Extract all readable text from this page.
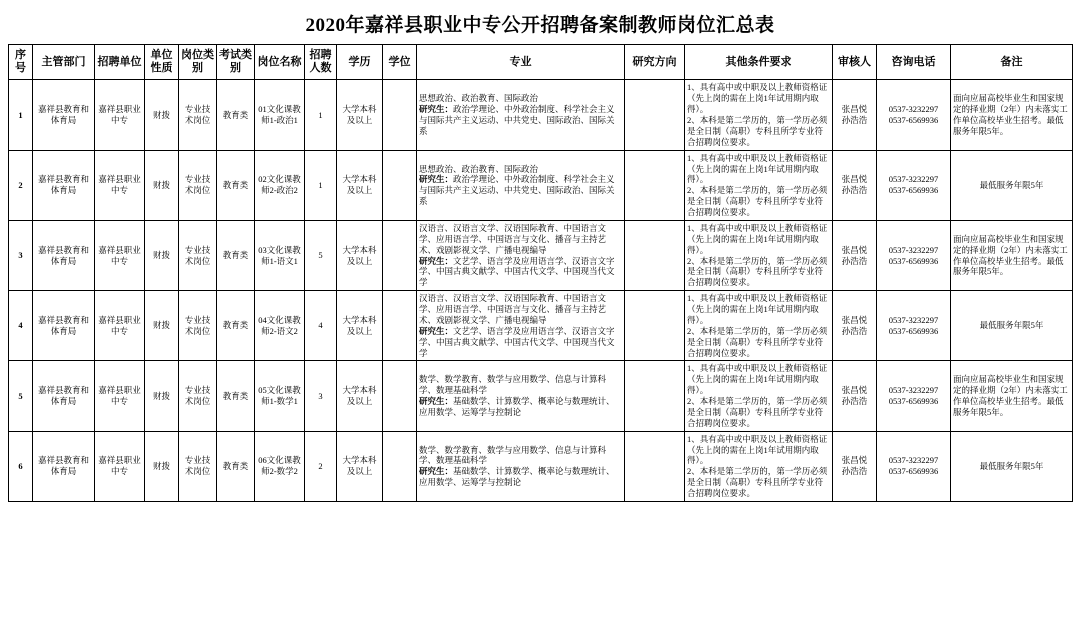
2020年嘉祥县职业中专公开招聘备案制教师岗位汇总表
序号	主管部门	招聘单位	单位性质	岗位类别	考试类别	岗位名称	招聘人数	学历	学位	专业	研究方向	其他条件要求	审核人	咨询电话	备注
1	嘉祥县教育和体育局	嘉祥县职业中专	财拨	专业技术岗位	教育类	01文化课教师1-政治1	1	大学本科及以上		思想政治、政治教育、国际政治
研究生：政治学理论、中外政治制度、科学社会主义与国际共产主义运动、中共党史、国际政治、国际关系		1、具有高中或中职及以上教师资格证（先上岗的需在上岗1年试用期内取得）。
2、本科是第二学历的，第一学历必须是全日制（高职）专科且所学专业符合招聘岗位要求。	张昌悦
孙浩浩	0537-3232297
0537-6569936	面向应届高校毕业生和国家规定的择业期（2年）内未落实工作单位高校毕业生招考。最低服务年限5年。
2	嘉祥县教育和体育局	嘉祥县职业中专	财拨	专业技术岗位	教育类	02文化课教师2-政治2	1	大学本科及以上		思想政治、政治教育、国际政治
研究生：政治学理论、中外政治制度、科学社会主义与国际共产主义运动、中共党史、国际政治、国际关系		1、具有高中或中职及以上教师资格证（先上岗的需在上岗1年试用期内取得）。
2、本科是第二学历的，第一学历必须是全日制（高职）专科且所学专业符合招聘岗位要求。	张昌悦
孙浩浩	0537-3232297
0537-6569936	最低服务年限5年
3	嘉祥县教育和体育局	嘉祥县职业中专	财拨	专业技术岗位	教育类	03文化课教师1-语文1	5	大学本科及以上		汉语言、汉语言文学、汉语国际教育、中国语言文学、应用语言学、中国语言与文化、播音与主持艺术、戏剧影视文学、广播电视编导
研究生：文艺学、语言学及应用语言学、汉语言文字学、中国古典文献学、中国古代文学、中国现当代文学		1、具有高中或中职及以上教师资格证（先上岗的需在上岗1年试用期内取得）。
2、本科是第二学历的，第一学历必须是全日制（高职）专科且所学专业符合招聘岗位要求。	张昌悦
孙浩浩	0537-3232297
0537-6569936	面向应届高校毕业生和国家规定的择业期（2年）内未落实工作单位高校毕业生招考。最低服务年限5年。
4	嘉祥县教育和体育局	嘉祥县职业中专	财拨	专业技术岗位	教育类	04文化课教师2-语文2	4	大学本科及以上		汉语言、汉语言文学、汉语国际教育、中国语言文学、应用语言学、中国语言与文化、播音与主持艺术、戏剧影视文学、广播电视编导
研究生：文艺学、语言学及应用语言学、汉语言文字学、中国古典文献学、中国古代文学、中国现当代文学		1、具有高中或中职及以上教师资格证（先上岗的需在上岗1年试用期内取得）。
2、本科是第二学历的，第一学历必须是全日制（高职）专科且所学专业符合招聘岗位要求。	张昌悦
孙浩浩	0537-3232297
0537-6569936	最低服务年限5年
5	嘉祥县教育和体育局	嘉祥县职业中专	财拨	专业技术岗位	教育类	05文化课教师1-数学1	3	大学本科及以上		数学、数学教育、数学与应用数学、信息与计算科学、数理基础科学
研究生：基础数学、计算数学、概率论与数理统计、应用数学、运筹学与控制论		1、具有高中或中职及以上教师资格证（先上岗的需在上岗1年试用期内取得）。
2、本科是第二学历的，第一学历必须是全日制（高职）专科且所学专业符合招聘岗位要求。	张昌悦
孙浩浩	0537-3232297
0537-6569936	面向应届高校毕业生和国家规定的择业期（2年）内未落实工作单位高校毕业生招考。最低服务年限5年。
6	嘉祥县教育和体育局	嘉祥县职业中专	财拨	专业技术岗位	教育类	06文化课教师2-数学2	2	大学本科及以上		数学、数学教育、数学与应用数学、信息与计算科学、数理基础科学
研究生：基础数学、计算数学、概率论与数理统计、应用数学、运筹学与控制论		1、具有高中或中职及以上教师资格证（先上岗的需在上岗1年试用期内取得）。
2、本科是第二学历的，第一学历必须是全日制（高职）专科且所学专业符合招聘岗位要求。	张昌悦
孙浩浩	0537-3232297
0537-6569936	最低服务年限5年
